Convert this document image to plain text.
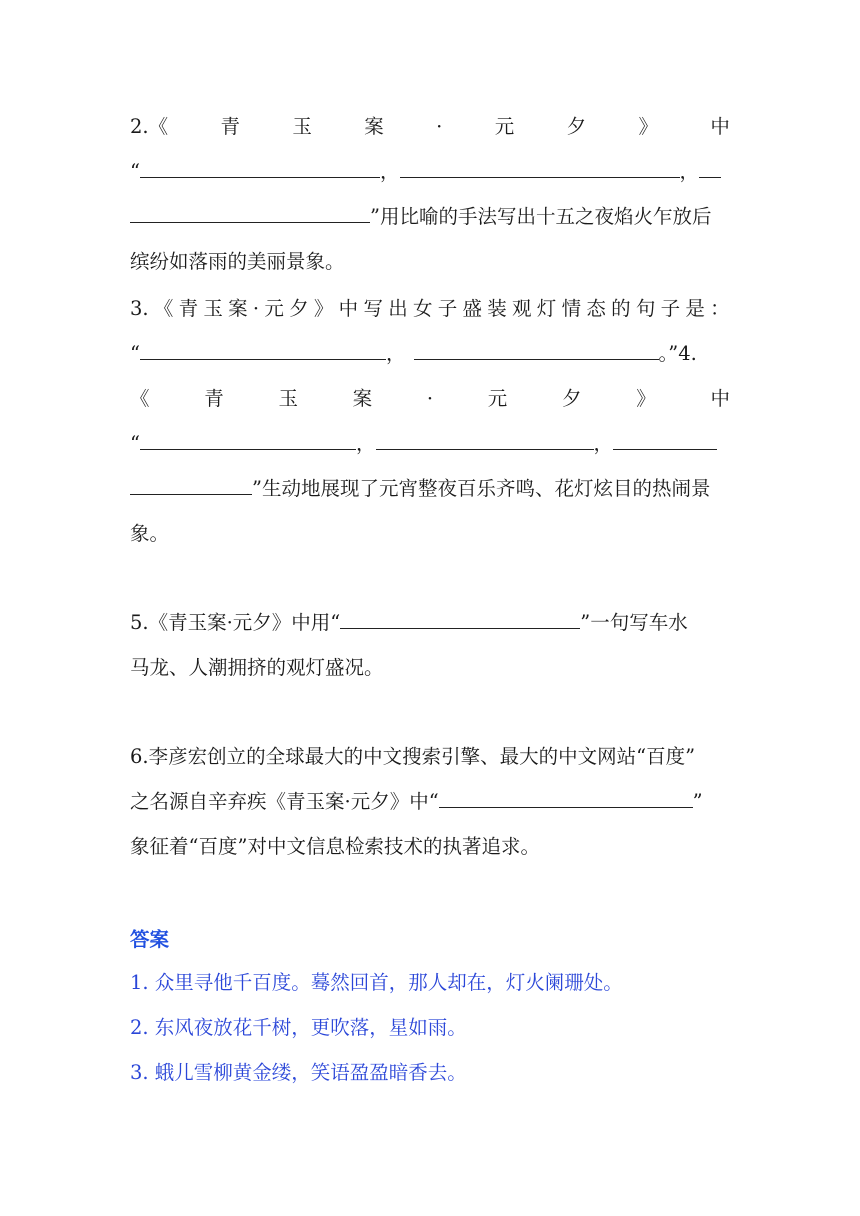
2.《	青	玉	案	·	元	夕	》	中
“	，	，
”用比喻的手法写出十五之夜焰火乍放后
缤纷如落雨的美丽景象。
3. 《 青 玉 案 · 元 夕 》 中 写 出 女 子 盛 装 观 灯 情 态 的 句 子 是 ：
“	，	。”4.
《	青	玉	案	·	元	夕	》	中
“	，	，
”生动地展现了元宵整夜百乐齐鸣、花灯炫目的热闹景
象。
5.《青玉案·元夕》中用“	”一句写车水
马龙、人潮拥挤的观灯盛况。
6.李彦宏创立的全球最大的中文搜索引擎、最大的中文网站“百度”
之名源自辛弃疾《青玉案·元夕》中“	”
象征着“百度”对中文信息检索技术的执著追求。
答案
1. 众里寻他千百度。蓦然回首，那人却在，灯火阑珊处。
2. 东风夜放花千树，更吹落，星如雨。
3. 蛾儿雪柳黄金缕，笑语盈盈暗香去。
